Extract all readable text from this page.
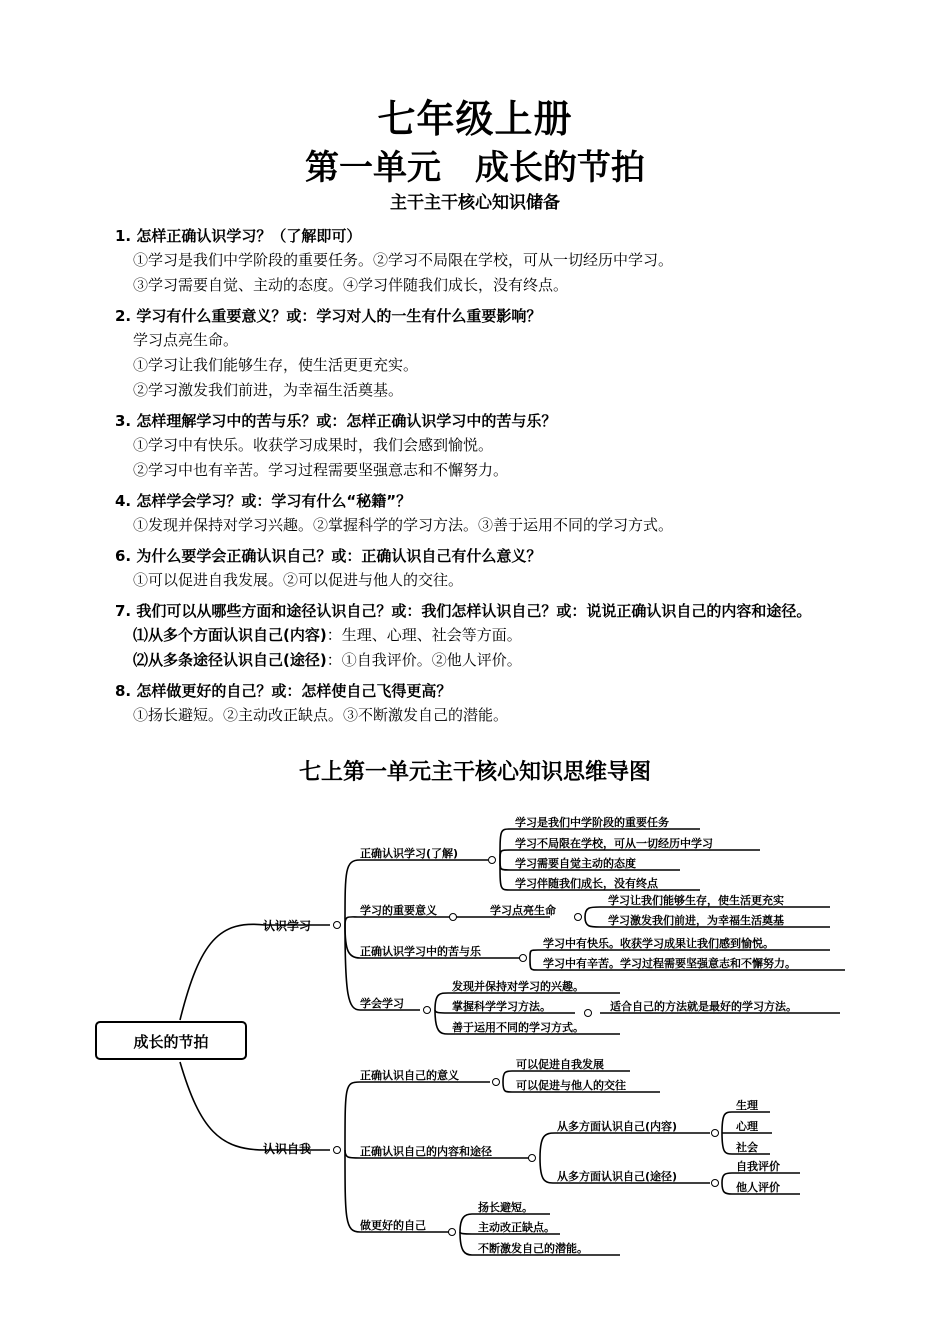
七年级上册
第一单元　成长的节拍
主干主干核心知识储备
1. 怎样正确认识学习？（了解即可）
①学习是我们中学阶段的重要任务。②学习不局限在学校，可从一切经历中学习。
③学习需要自觉、主动的态度。④学习伴随我们成长，没有终点。
2. 学习有什么重要意义？或：学习对人的一生有什么重要影响？
学习点亮生命。
①学习让我们能够生存，使生活更更充实。
②学习激发我们前进，为幸福生活奠基。
3. 怎样理解学习中的苦与乐？或：怎样正确认识学习中的苦与乐？
①学习中有快乐。收获学习成果时，我们会感到愉悦。
②学习中也有辛苦。学习过程需要坚强意志和不懈努力。
4. 怎样学会学习？或：学习有什么“秘籍”？
①发现并保持对学习兴趣。②掌握科学的学习方法。③善于运用不同的学习方式。
6. 为什么要学会正确认识自己？或：正确认识自己有什么意义？
①可以促进自我发展。②可以促进与他人的交往。
7. 我们可以从哪些方面和途径认识自己？或：我们怎样认识自己？或：说说正确认识自己的内容和途径。
⑴从多个方面认识自己(内容)：生理、心理、社会等方面。
⑵从多条途径认识自己(途径)：①自我评价。②他人评价。
8. 怎样做更好的自己？或：怎样使自己飞得更高？
①扬长避短。②主动改正缺点。③不断激发自己的潜能。
七上第一单元主干核心知识思维导图
成长的节拍
认识学习
认识自我
正确认识学习(了解)
学习是我们中学阶段的重要任务
学习不局限在学校，可从一切经历中学习
学习需要自觉主动的态度
学习伴随我们成长，没有终点
学习的重要意义	学习点亮生命
学习让我们能够生存，使生活更充实
学习激发我们前进，为幸福生活奠基
正确认识学习中的苦与乐
学习中有快乐。收获学习成果让我们感到愉悦。
学习中有辛苦。学习过程需要坚强意志和不懈努力。
学会学习
发现并保持对学习的兴趣。
掌握科学学习方法。
善于运用不同的学习方式。
适合自己的方法就是最好的学习方法。
正确认识自己的意义
可以促进自我发展
可以促进与他人的交往
正确认识自己的内容和途径
从多方面认识自己(内容)
生理
心理
社会
从多方面认识自己(途径)
自我评价
他人评价
做更好的自己
扬长避短。
主动改正缺点。
不断激发自己的潜能。
